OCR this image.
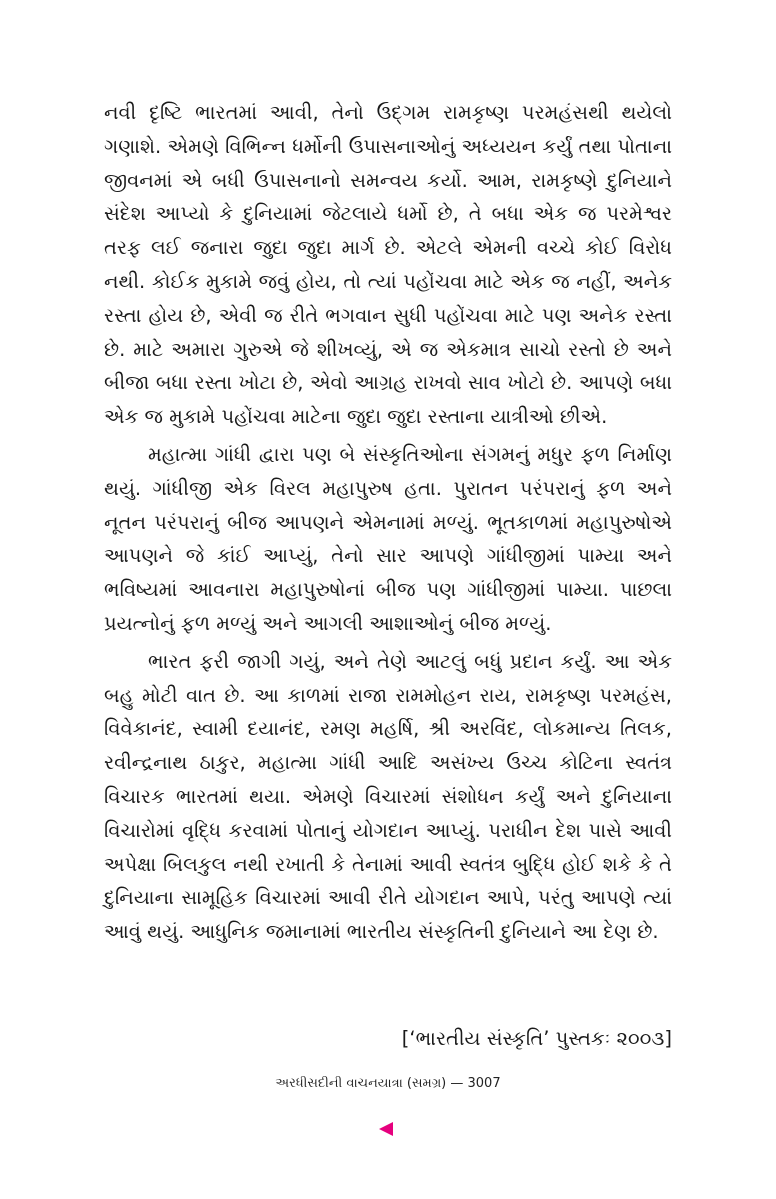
નવી દૃષ્ટિ ભારતમાં આવી, તેનો ઉદ્‌ગમ રામકૃષ્ણ પરમહંસથી થયેલો ગણાશે. એમણે વિભિન્ન ધર્મોની ઉપાસનાઓનું અધ્યયન કર્યું તથા પોતાના જીવનમાં એ બધી ઉપાસનાનો સમન્વય કર્યો. આમ, રામકૃષ્ણે દુનિયાને સંદેશ આપ્યો કે દુનિયામાં જેટલાયે ધર્મો છે, તે બધા એક જ પરમેશ્વર તરફ લઈ જનારા જુદા જુદા માર્ગ છે. એટલે એમની વચ્ચે કોઈ વિરોધ નથી. કોઈક મુકામે જવું હોય, તો ત્યાં પહોંચવા માટે એક જ નહીં, અનેક રસ્તા હોય છે, એવી જ રીતે ભગવાન સુધી પહોંચવા માટે પણ અનેક રસ્તા છે. માટે અમારા ગુરુએ જે શીખવ્યું, એ જ એકમાત્ર સાચો રસ્તો છે અને બીજા બધા રસ્તા ખોટા છે, એવો આગ્રહ રાખવો સાવ ખોટો છે. આપણે બધા એક જ મુકામે પહોંચવા માટેના જુદા જુદા રસ્તાના યાત્રીઓ છીએ.

મહાત્મા ગાંધી દ્વારા પણ બે સંસ્કૃતિઓના સંગમનું મધુર ફળ નિર્માણ થયું. ગાંધીજી એક વિરલ મહાપુરુષ હતા. પુરાતન પરંપરાનું ફળ અને નૂતન પરંપરાનું બીજ આપણને એમનામાં મળ્યું. ભૂતકાળમાં મહાપુરુષોએ આપણને જે કાંઈ આપ્યું, તેનો સાર આપણે ગાંધીજીમાં પામ્યા અને ભવિષ્યમાં આવનારા મહાપુરુષોનાં બીજ પણ ગાંધીજીમાં પામ્યા. પાછલા પ્રયત્નોનું ફળ મળ્યું અને આગલી આશાઓનું બીજ મળ્યું.

ભારત ફરી જાગી ગયું, અને તેણે આટલું બધું પ્રદાન કર્યું. આ એક બહુ મોટી વાત છે. આ કાળમાં રાજા રામમોહન રાય, રામકૃષ્ણ પરમહંસ, વિવેકાનંદ, સ્વામી દયાનંદ, રમણ મહર્ષિ, શ્રી અરવિંદ, લોકમાન્ય તિલક, રવીન્દ્રનાથ ઠાકુર, મહાત્મા ગાંધી આદિ અસંખ્ય ઉચ્ચ કોટિના સ્વતંત્ર વિચારક ભારતમાં થયા. એમણે વિચારમાં સંશોધન કર્યું અને દુનિયાના વિચારોમાં વૃદ્ધિ કરવામાં પોતાનું યોગદાન આપ્યું. પરાધીન દેશ પાસે આવી અપેક્ષા બિલકુલ નથી રખાતી કે તેનામાં આવી સ્વતંત્ર બુદ્ધિ હોઈ શકે કે તે દુનિયાના સામૂહિક વિચારમાં આવી રીતે યોગદાન આપે, પરંતુ આપણે ત્યાં આવું થયું. આધુનિક જમાનામાં ભારતીય સંસ્કૃતિની દુનિયાને આ દેણ છે.

[‘ભારતીય સંસ્કૃતિ’ પુસ્તકઃ ૨૦૦૩]
અરધીસદીની વાચનયાત્રા (સમગ્ર) — 3007
